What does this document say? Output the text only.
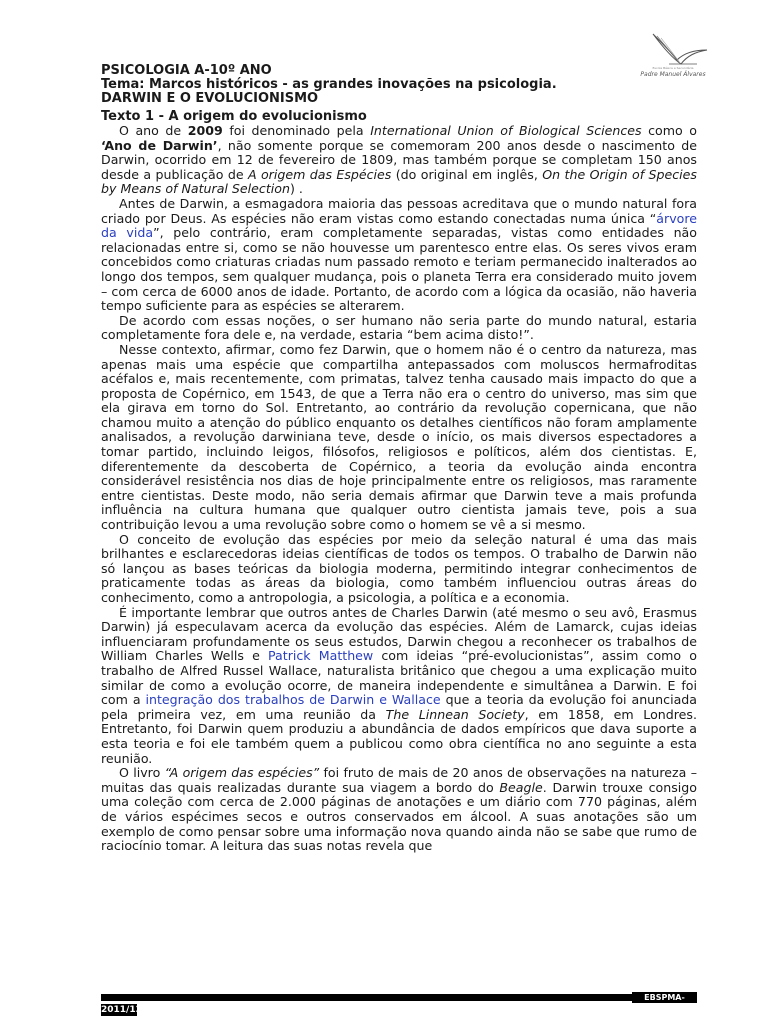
PSICOLOGIA A-10º ANO
Tema: Marcos históricos - as grandes inovações na psicologia.
DARWIN E O EVOLUCIONISMO
Escola Básica e Secundária
Padre Manuel Álvares
Texto 1 - A origem do evolucionismo

O ano de 2009 foi denominado pela International Union of Biological Sciences como o ‘Ano de Darwin’, não somente porque se comemoram 200 anos desde o nascimento de Darwin, ocorrido em 12 de fevereiro de 1809, mas também porque se completam 150 anos desde a publicação de A origem das Espécies (do original em inglês, On the Origin of Species by Means of Natural Selection) .

Antes de Darwin, a esmagadora maioria das pessoas acreditava que o mundo natural fora criado por Deus. As espécies não eram vistas como estando conectadas numa única “árvore da vida”, pelo contrário, eram completamente separadas, vistas como entidades não relacionadas entre si, como se não houvesse um parentesco entre elas. Os seres vivos eram concebidos como criaturas criadas num passado remoto e teriam permanecido inalterados ao longo dos tempos, sem qualquer mudança, pois o planeta Terra era considerado muito jovem – com cerca de 6000 anos de idade. Portanto, de acordo com a lógica da ocasião, não haveria tempo suficiente para as espécies se alterarem.

De acordo com essas noções, o ser humano não seria parte do mundo natural, estaria completamente fora dele e, na verdade, estaria “bem acima disto!”.

Nesse contexto, afirmar, como fez Darwin, que o homem não é o centro da natureza, mas apenas mais uma espécie que compartilha antepassados com moluscos hermafroditas acéfalos e, mais recentemente, com primatas, talvez tenha causado mais impacto do que a proposta de Copérnico, em 1543, de que a Terra não era o centro do universo, mas sim que ela girava em torno do Sol. Entretanto, ao contrário da revolução copernicana, que não chamou muito a atenção do público enquanto os detalhes científicos não foram amplamente analisados, a revolução darwiniana teve, desde o início, os mais diversos espectadores a tomar partido, incluindo leigos, filósofos, religiosos e políticos, além dos cientistas. E, diferentemente da descoberta de Copérnico, a teoria da evolução ainda encontra considerável resistência nos dias de hoje principalmente entre os religiosos, mas raramente entre cientistas. Deste modo, não seria demais afirmar que Darwin teve a mais profunda influência na cultura humana que qualquer outro cientista jamais teve, pois a sua contribuição levou a uma revolução sobre como o homem se vê a si mesmo.

O conceito de evolução das espécies por meio da seleção natural é uma das mais brilhantes e esclarecedoras ideias científicas de todos os tempos. O trabalho de Darwin não só lançou as bases teóricas da biologia moderna, permitindo integrar conhecimentos de praticamente todas as áreas da biologia, como também influenciou outras áreas do conhecimento, como a antropologia, a psicologia, a política e a economia.

É importante lembrar que outros antes de Charles Darwin (até mesmo o seu avô, Erasmus Darwin) já especulavam acerca da evolução das espécies. Além de Lamarck, cujas ideias influenciaram profundamente os seus estudos, Darwin chegou a reconhecer os trabalhos de William Charles Wells e Patrick Matthew com ideias “pré-evolucionistas”, assim como o trabalho de Alfred Russel Wallace, naturalista britânico que chegou a uma explicação muito similar de como a evolução ocorre, de maneira independente e simultânea a Darwin. E foi com a integração dos trabalhos de Darwin e Wallace que a teoria da evolução foi anunciada pela primeira vez, em uma reunião da The Linnean Society, em 1858, em Londres. Entretanto, foi Darwin quem produziu a abundância de dados empíricos que dava suporte a esta teoria e foi ele também quem a publicou como obra científica no ano seguinte a esta reunião.

O livro “A origem das espécies” foi fruto de mais de 20 anos de observações na natureza – muitas das quais realizadas durante sua viagem a bordo do Beagle. Darwin trouxe consigo uma coleção com cerca de 2.000 páginas de anotações e um diário com 770 páginas, além de vários espécimes secos e outros conservados em álcool. A suas anotações são um exemplo de como pensar sobre uma informação nova quando ainda não se sabe que rumo de raciocínio tomar. A leitura das suas notas revela que

EBSPMA-
2011/12
